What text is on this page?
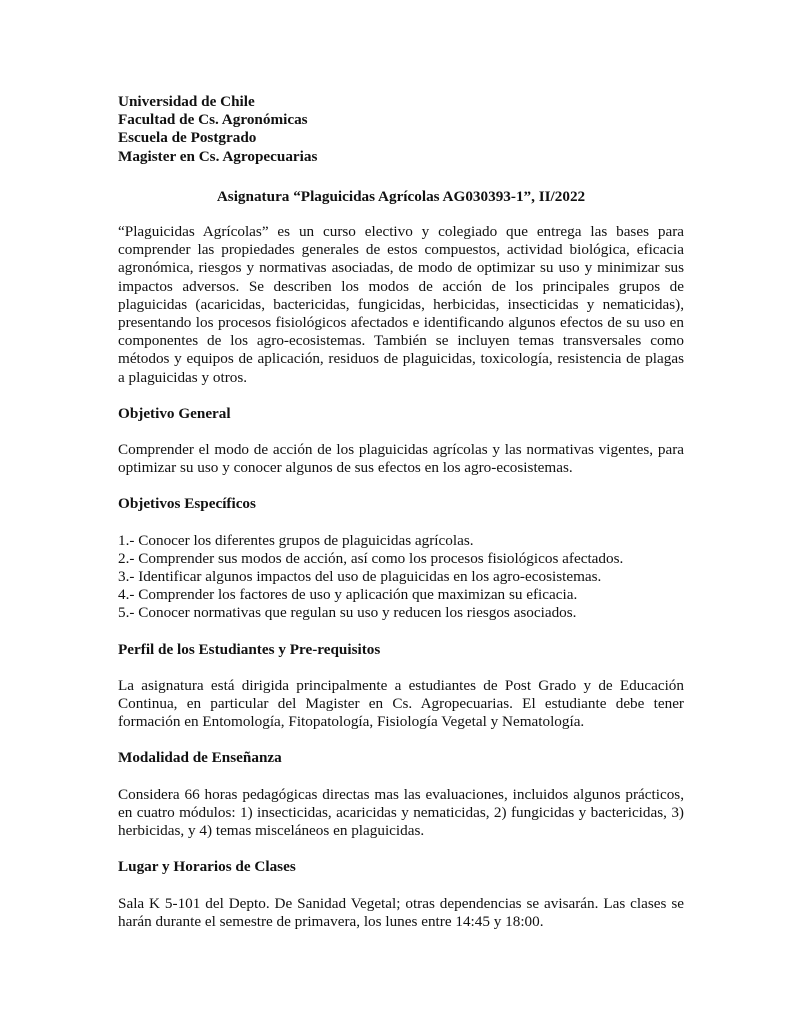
Universidad de Chile
Facultad de Cs. Agronómicas
Escuela de Postgrado
Magister en Cs. Agropecuarias
Asignatura “Plaguicidas Agrícolas AG030393-1”, II/2022

“Plaguicidas Agrícolas” es un curso electivo y colegiado que entrega las bases para comprender las propiedades generales de estos compuestos, actividad biológica, eficacia agronómica, riesgos y normativas asociadas, de modo de optimizar su uso y minimizar sus impactos adversos. Se describen los modos de acción de los principales grupos de plaguicidas (acaricidas, bactericidas, fungicidas, herbicidas, insecticidas y nematicidas), presentando los procesos fisiológicos afectados e identificando algunos efectos de su uso en componentes de los agro-ecosistemas. También se incluyen temas transversales como métodos y equipos de aplicación, residuos de plaguicidas, toxicología, resistencia de plagas a plaguicidas y otros.

Objetivo General

Comprender el modo de acción de los plaguicidas agrícolas y las normativas vigentes, para optimizar su uso y conocer algunos de sus efectos en los agro-ecosistemas.

Objetivos Específicos

1.- Conocer los diferentes grupos de plaguicidas agrícolas.
2.- Comprender sus modos de acción, así como los procesos fisiológicos afectados.
3.- Identificar algunos impactos del uso de plaguicidas en los agro-ecosistemas.
4.- Comprender los factores de uso y aplicación que maximizan su eficacia.
5.- Conocer normativas que regulan su uso y reducen los riesgos asociados.

Perfil de los Estudiantes y Pre-requisitos

La asignatura está dirigida principalmente a estudiantes de Post Grado y de Educación Continua, en particular del Magister en Cs. Agropecuarias. El estudiante debe tener formación en Entomología, Fitopatología, Fisiología Vegetal y Nematología.

Modalidad de Enseñanza

Considera 66 horas pedagógicas directas mas las evaluaciones, incluidos algunos prácticos, en cuatro módulos: 1) insecticidas, acaricidas y nematicidas, 2) fungicidas y bactericidas, 3) herbicidas, y 4) temas misceláneos en plaguicidas.

Lugar y Horarios de Clases

Sala K 5-101 del Depto. De Sanidad Vegetal; otras dependencias se avisarán. Las clases se harán durante el semestre de primavera, los lunes entre 14:45 y 18:00.
